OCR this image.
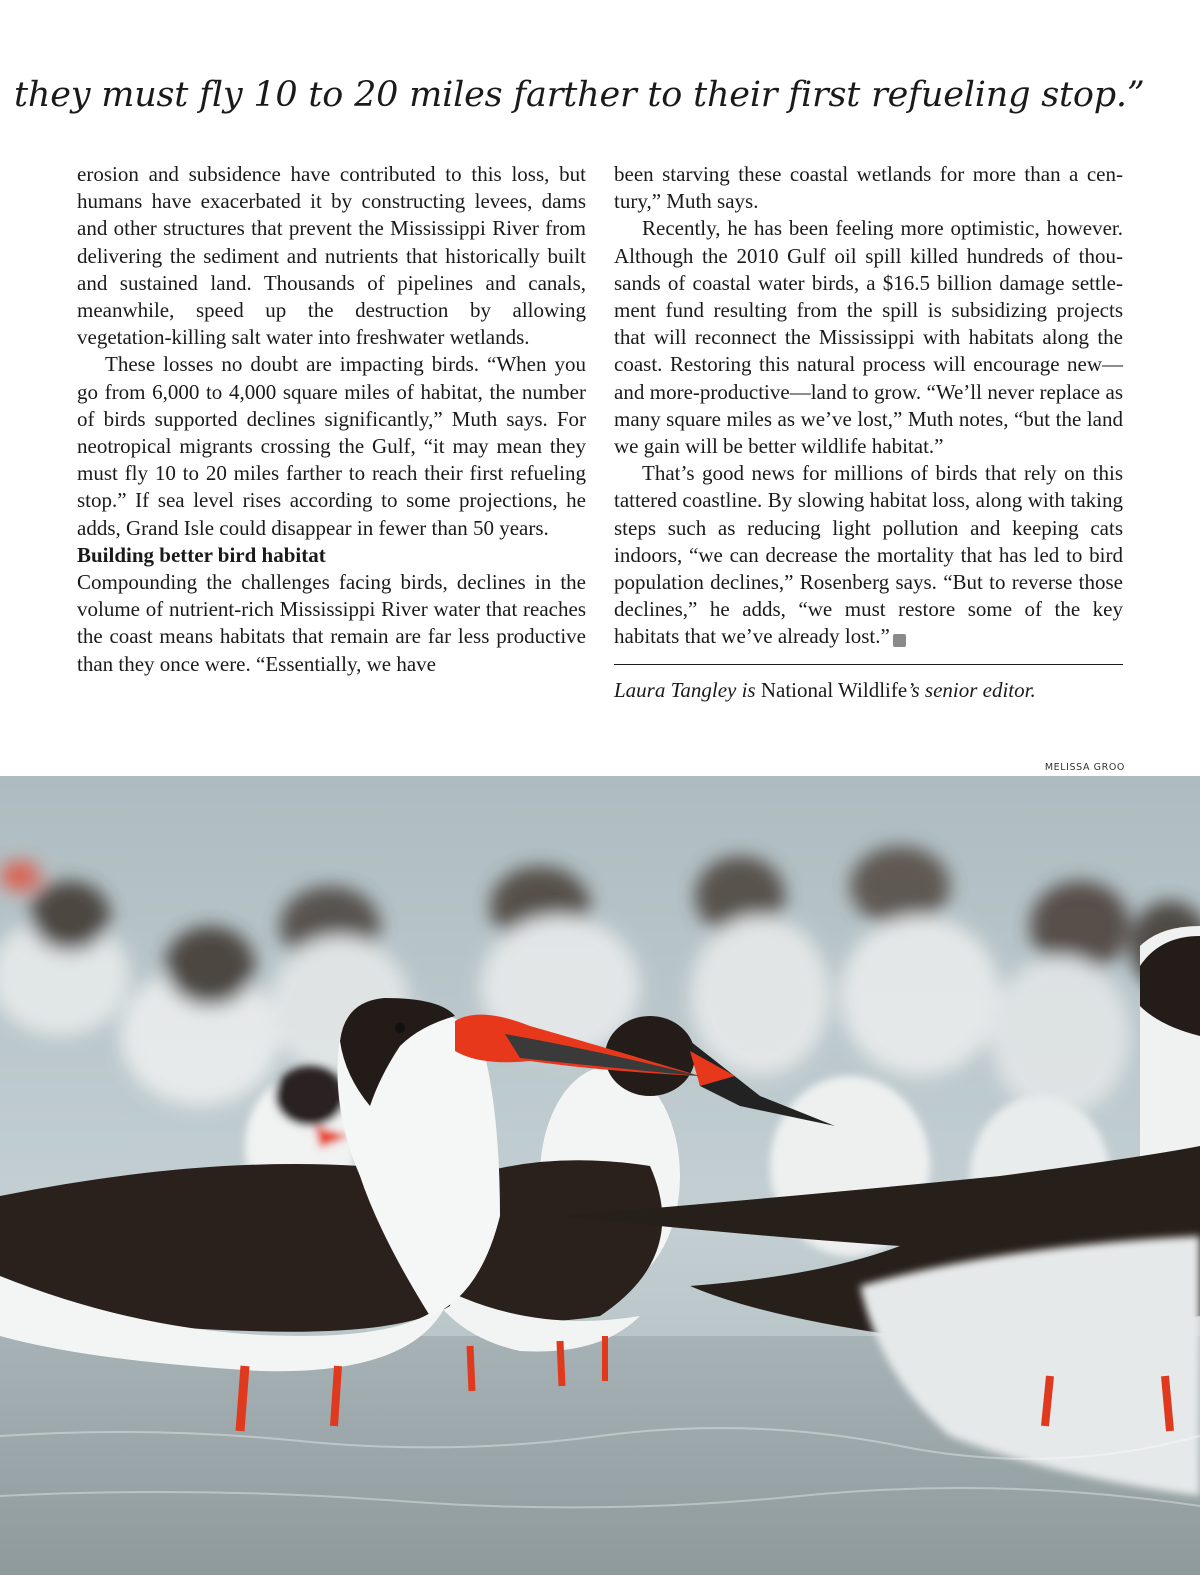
they must fly 10 to 20 miles farther to their first refueling stop.”

erosion and subsidence have contributed to this loss, but humans have exacerbated it by constructing levees, dams and other structures that prevent the Mississippi River from delivering the sediment and nutrients that historically built and sustained land. Thousands of pipelines and canals, meanwhile, speed up the destruction by allowing vegetation-killing salt water into freshwater wetlands.

These losses no doubt are impacting birds. “When you go from 6,000 to 4,000 square miles of habitat, the number of birds supported declines significantly,” Muth says. For neotropical migrants crossing the Gulf, “it may mean they must fly 10 to 20 miles farther to reach their first refueling stop.” If sea level rises according to some projections, he adds, Grand Isle could disappear in fewer than 50 years.

Building better bird habitat

Compounding the challenges facing birds, declines in the volume of nutrient-rich Mississippi River water that reaches the coast means habitats that remain are far less productive than they once were. “Essentially, we have

been starving these coastal wetlands for more than a century,” Muth says.

Recently, he has been feeling more optimistic, however. Although the 2010 Gulf oil spill killed hundreds of thousands of coastal water birds, a $16.5 billion damage settlement fund resulting from the spill is subsidizing projects that will reconnect the Mississippi with habitats along the coast. Restoring this natural process will encourage new—and more-productive—land to grow. “We’ll never replace as many square miles as we’ve lost,” Muth notes, “but the land we gain will be better wildlife habitat.”

That’s good news for millions of birds that rely on this tattered coastline. By slowing habitat loss, along with taking steps such as reducing light pollution and keeping cats indoors, “we can decrease the mortality that has led to bird population declines,” Rosenberg says. “But to reverse those declines,” he adds, “we must restore some of the key habitats that we’ve already lost.”	W

Laura Tangley is National Wildlife’s senior editor.

MELISSA GROO
